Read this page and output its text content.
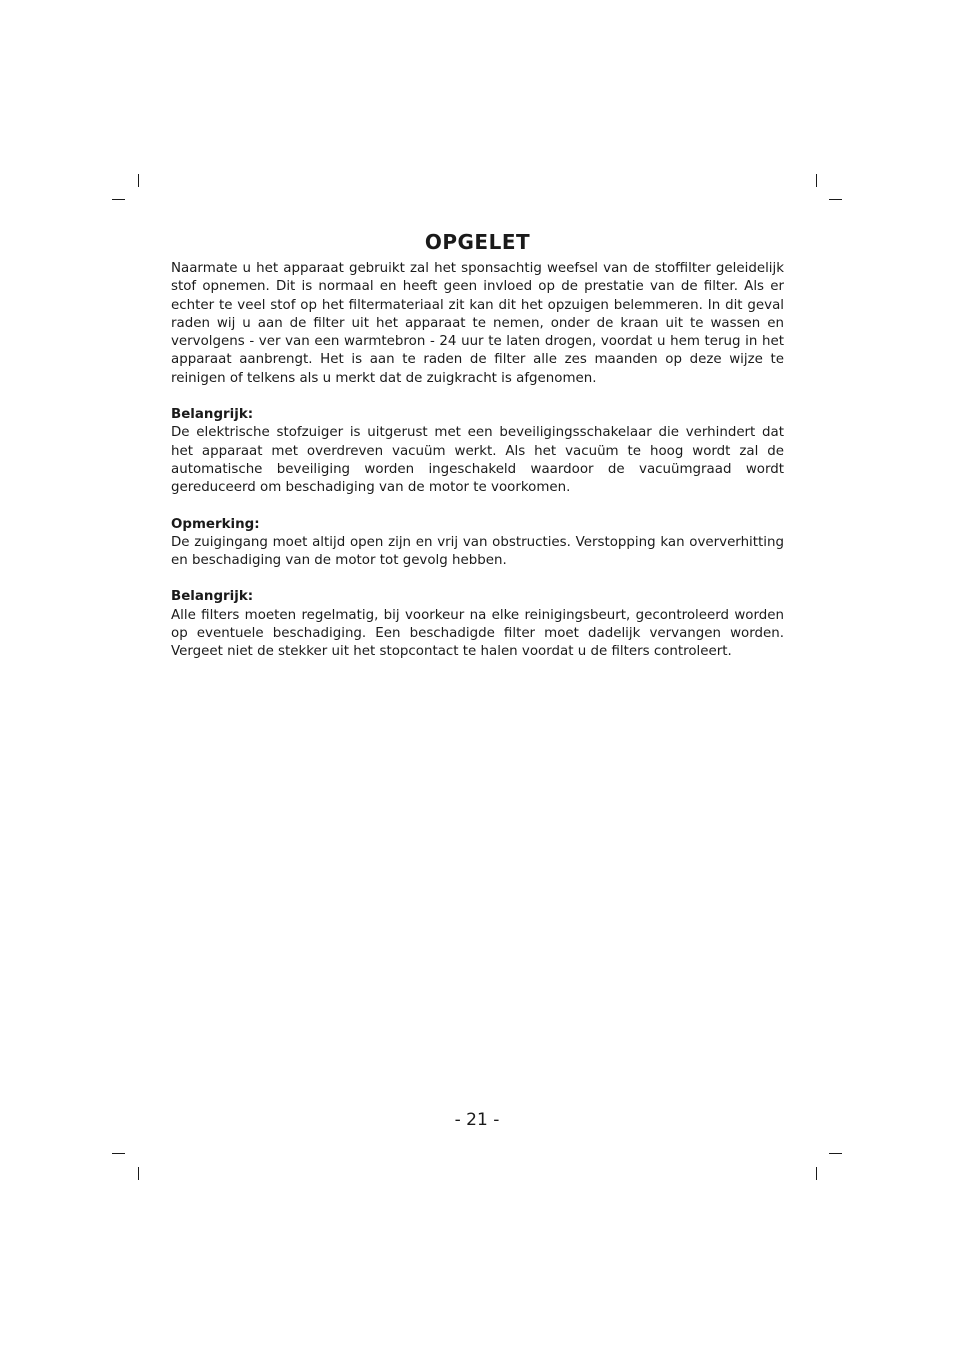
OPGELET

Naarmate u het apparaat gebruikt zal het sponsachtig weefsel van de stoffilter geleidelijk stof opnemen. Dit is normaal en heeft geen invloed op de prestatie van de filter. Als er echter te veel stof op het filtermateriaal zit kan dit het opzuigen belemmeren. In dit geval raden wij u aan de filter uit het apparaat te nemen, onder de kraan uit te wassen en vervolgens - ver van een warmtebron - 24 uur te laten drogen, voordat u hem terug in het apparaat aanbrengt. Het is aan te raden de filter alle zes maanden op deze wijze te reinigen of telkens als u merkt dat de zuigkracht is afgenomen.

Belangrijk:

De elektrische stofzuiger is uitgerust met een beveiligingsschakelaar die verhindert dat het apparaat met overdreven vacuüm werkt. Als het vacuüm te hoog wordt zal de automatische beveiliging worden ingeschakeld waardoor de vacuümgraad wordt gereduceerd om beschadiging van de motor te voorkomen.

Opmerking:

De zuigingang moet altijd open zijn en vrij van obstructies. Verstopping kan oververhitting en beschadiging van de motor tot gevolg hebben.

Belangrijk:

Alle filters moeten regelmatig, bij voorkeur na elke reinigingsbeurt, gecontroleerd worden op eventuele beschadiging. Een beschadigde filter moet dadelijk vervangen worden. Vergeet niet de stekker uit het stopcontact te halen voordat u de filters controleert.

- 21 -
